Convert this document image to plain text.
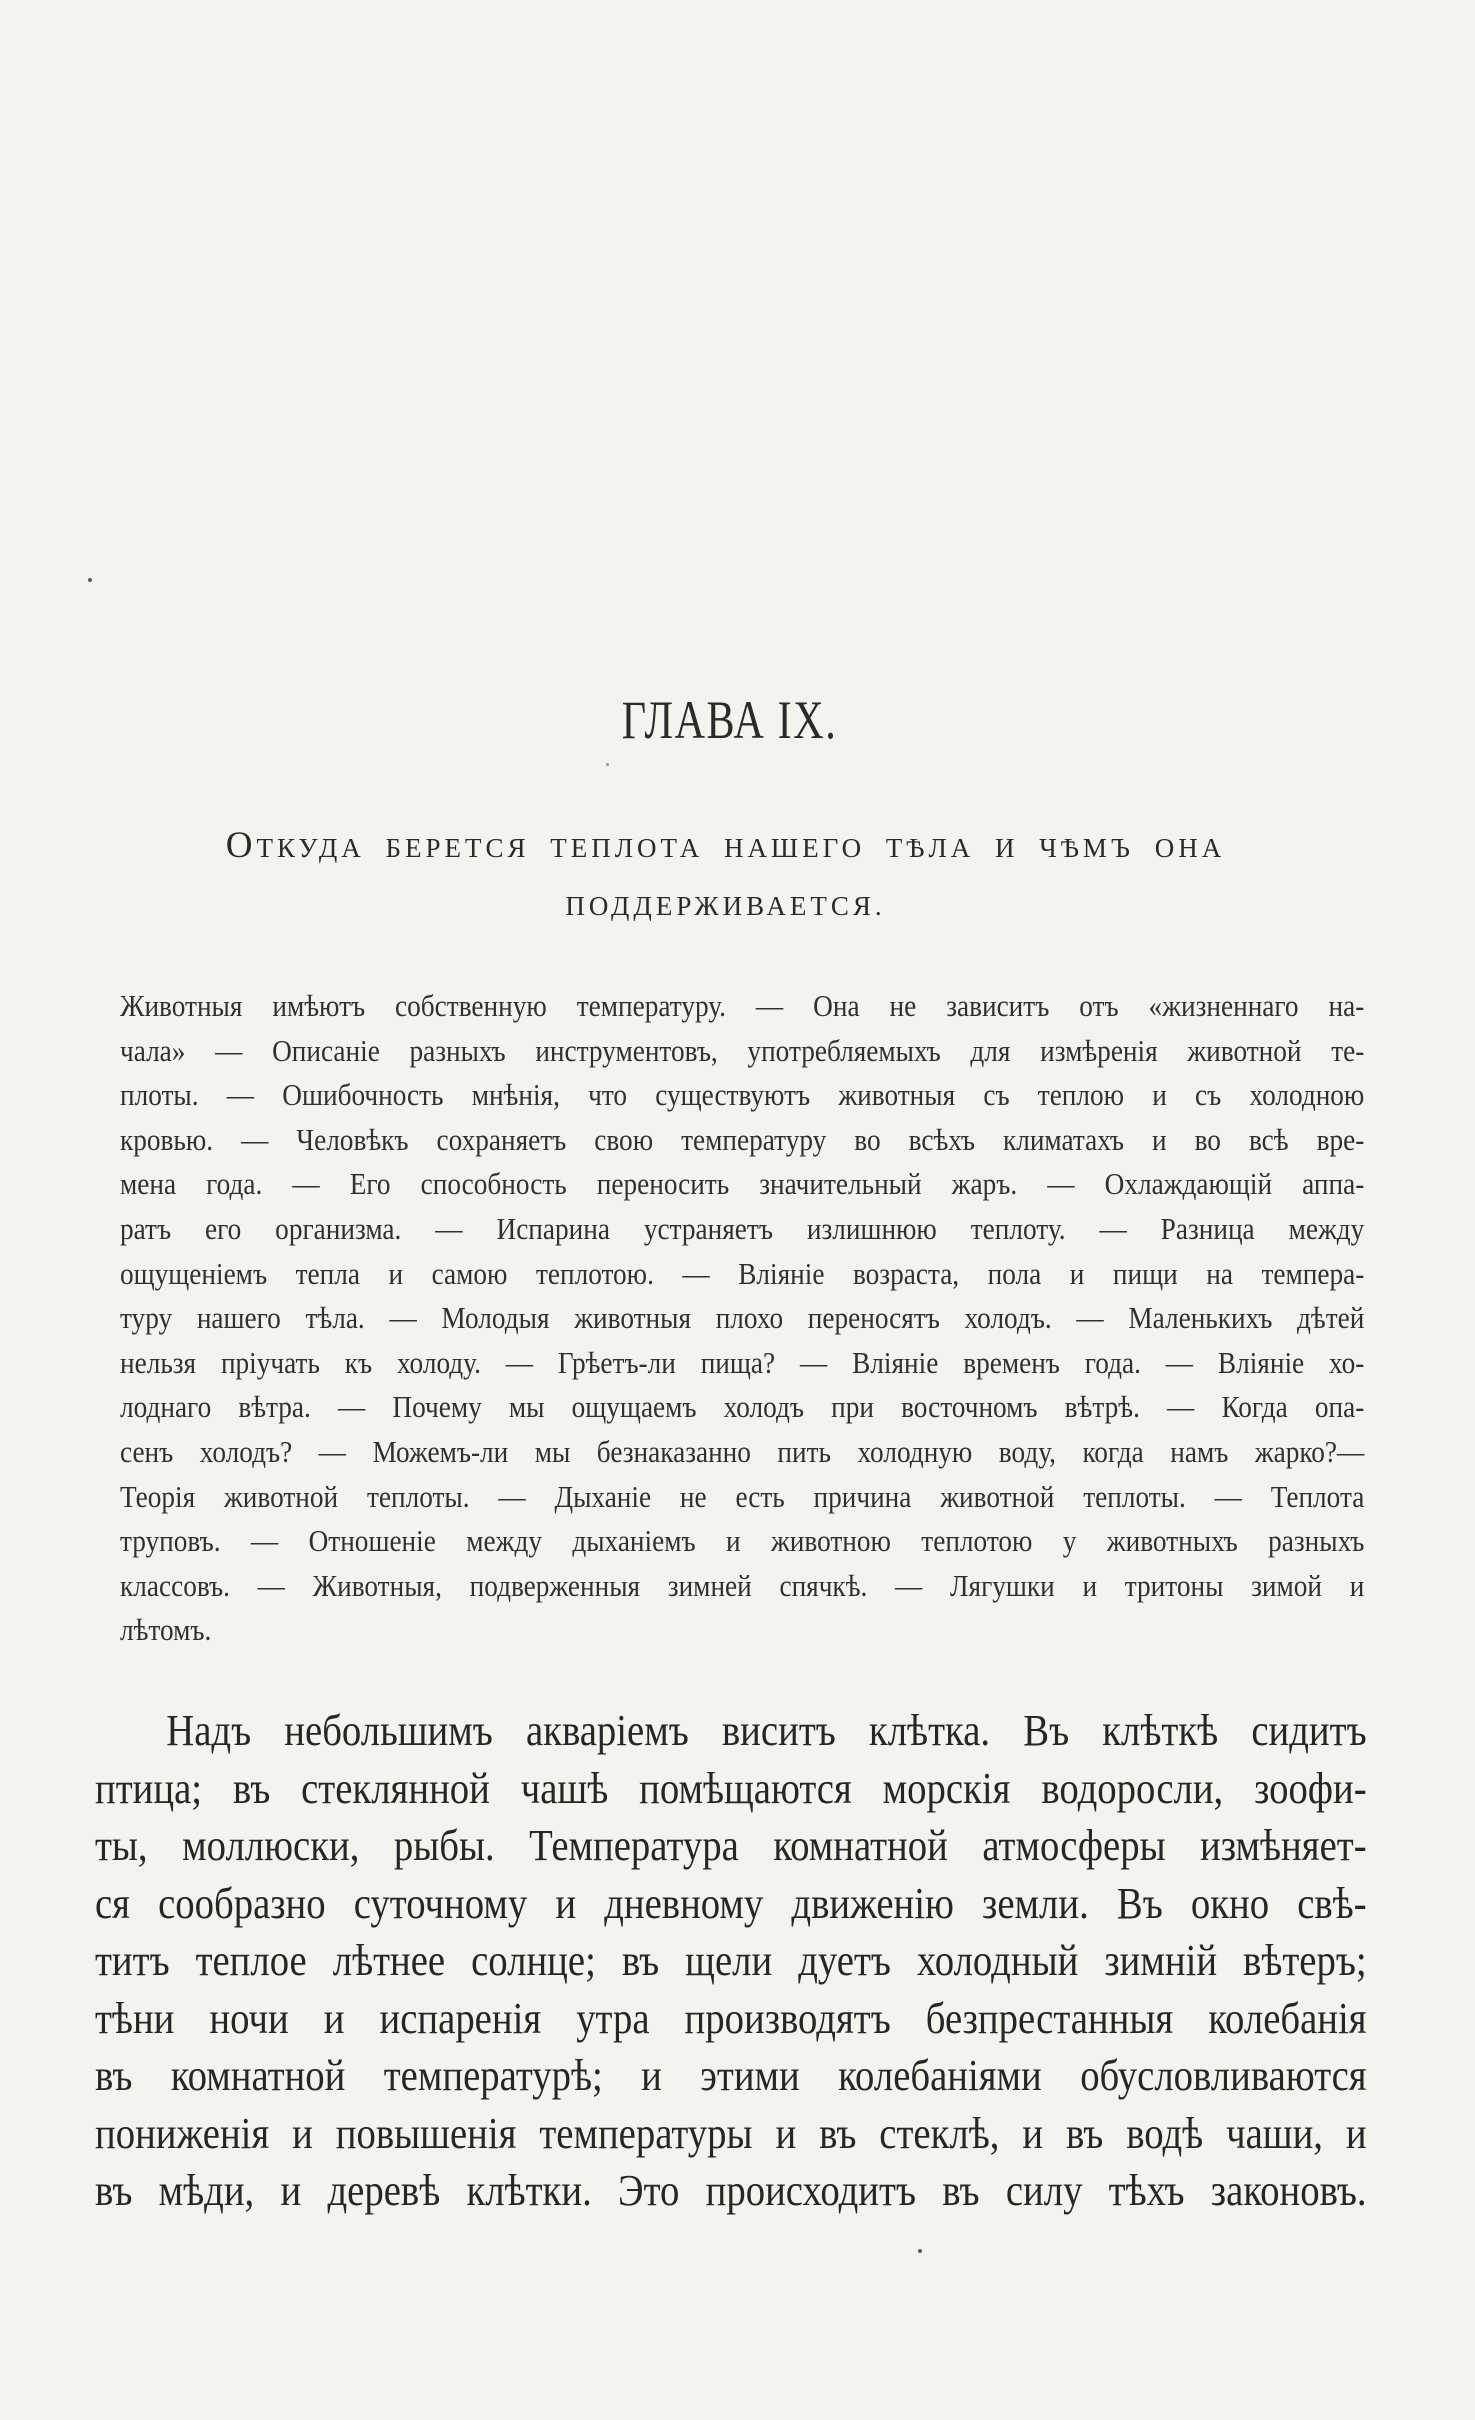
ГЛАВА IX.
ОТКУДА БЕРЕТСЯ ТЕПЛОТА НАШЕГО ТѢЛА И ЧѢМЪ ОНА
ПОДДЕРЖИВАЕТСЯ.
Животныя имѣютъ собственную температуру. — Она не зависитъ отъ «жизненнаго на-
чала» — Описаніе разныхъ инструментовъ, употребляемыхъ для измѣренія животной те-
плоты. — Ошибочность мнѣнія, что существуютъ животныя съ теплою и съ холодною
кровью. — Человѣкъ сохраняетъ свою температуру во всѣхъ климатахъ и во всѣ вре-
мена года. — Его способность переносить значительный жаръ. — Охлаждающій аппа-
ратъ его организма. — Испарина устраняетъ излишнюю теплоту. — Разница между
ощущеніемъ тепла и самою теплотою. — Вліяніе возраста, пола и пищи на темпера-
туру нашего тѣла. — Молодыя животныя плохо переносятъ холодъ. — Маленькихъ дѣтей
нельзя пріучать къ холоду. — Грѣетъ-ли пища? — Вліяніе временъ года. — Вліяніе хо-
лоднаго вѣтра. — Почему мы ощущаемъ холодъ при восточномъ вѣтрѣ. — Когда опа-
сенъ холодъ? — Можемъ-ли мы безнаказанно пить холодную воду, когда намъ жарко?—
Теорія животной теплоты. — Дыханіе не есть причина животной теплоты. — Теплота
труповъ. — Отношеніе между дыханіемъ и животною теплотою у животныхъ разныхъ
классовъ. — Животныя, подверженныя зимней спячкѣ. — Лягушки и тритоны зимой и
лѣтомъ.
Надъ небольшимъ акваріемъ виситъ клѣтка. Въ клѣткѣ сидитъ
птица; въ стеклянной чашѣ помѣщаются морскія водоросли, зоофи-
ты, моллюски, рыбы. Температура комнатной атмосферы измѣняет-
ся сообразно суточному и дневному движенію земли. Въ окно свѣ-
титъ теплое лѣтнее солнце; въ щели дуетъ холодный зимній вѣтеръ;
тѣни ночи и испаренія утра производятъ безпрестанныя колебанія
въ комнатной температурѣ; и этими колебаніями обусловливаются
пониженія и повышенія температуры и въ стеклѣ, и въ водѣ чаши, и
въ мѣди, и деревѣ клѣтки. Это происходитъ въ силу тѣхъ законовъ.
